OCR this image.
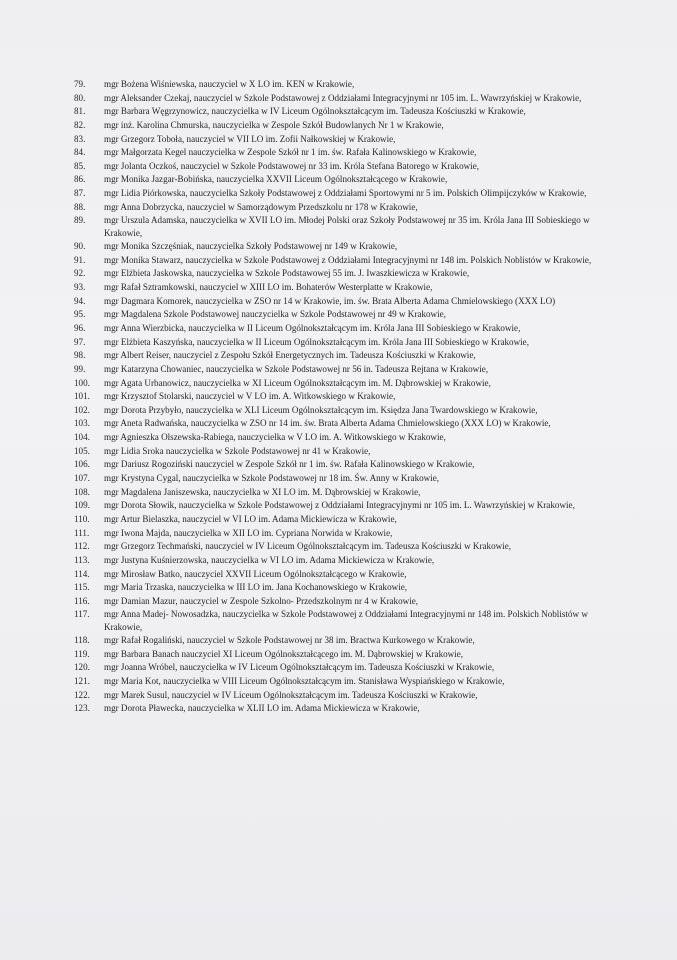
79.	mgr Bożena Wiśniewska, nauczyciel w X LO im. KEN w Krakowie,
80.	mgr Aleksander Czekaj, nauczyciel w Szkole Podstawowej z Oddziałami Integracyjnymi nr 105 im. L. Wawrzyńskiej w Krakowie,
81.	mgr Barbara Węgrzynowicz, nauczycielka w IV Liceum Ogólnokształcącym im. Tadeusza Kościuszki w Krakowie,
82.	mgr inż. Karolina Chmurska, nauczycielka w Zespole Szkół Budowlanych Nr 1 w Krakowie,
83.	mgr Grzegorz Toboła, nauczyciel w VII LO im. Zofii Nałkowskiej w Krakowie,
84.	mgr Małgorzata Kegel nauczycielka w Zespole Szkół nr 1 im. św. Rafała Kalinowskiego w Krakowie,
85.	mgr Jolanta Oczkoś, nauczyciel w Szkole Podstawowej nr 33 im. Króla Stefana Batorego w Krakowie,
86.	mgr Monika Jazgar-Bobińska, nauczycielka XXVII Liceum Ogólnokształcącego w Krakowie,
87.	mgr Lidia Piórkowska, nauczycielka Szkoły Podstawowej z Oddziałami Sportowymi nr 5 im. Polskich Olimpijczyków w Krakowie,
88.	mgr Anna Dobrzycka, nauczyciel w Samorządowym Przedszkolu nr 178 w Krakowie,
89.	mgr Urszula Adamska, nauczycielka w XVII LO im. Młodej Polski oraz Szkoły Podstawowej nr 35 im. Króla Jana III Sobieskiego w Krakowie,
90.	mgr Monika Szczęśniak, nauczycielka Szkoły Podstawowej nr 149 w Krakowie,
91.	mgr Monika Stawarz, nauczycielka w Szkole Podstawowej z Oddziałami Integracyjnymi nr 148 im. Polskich Noblistów w Krakowie,
92.	mgr Elżbieta Jaskowska, nauczycielka w Szkole Podstawowej 55 im. J. Iwaszkiewicza w Krakowie,
93.	mgr Rafał Sztramkowski, nauczyciel w XIII LO im. Bohaterów Westerplatte w Krakowie,
94.	mgr Dagmara Komorek, nauczycielka w ZSO nr 14 w Krakowie, im. św. Brata Alberta Adama Chmielowskiego (XXX LO)
95.	mgr Magdalena Szkole Podstawowej nauczycielka w Szkole Podstawowej nr 49 w Krakowie,
96.	mgr Anna Wierzbicka, nauczycielka w II Liceum Ogólnokształcącym im. Króla Jana III Sobieskiego w Krakowie,
97.	mgr Elżbieta Kaszyńska, nauczycielka w II Liceum Ogólnokształcącym im. Króla Jana III Sobieskiego w Krakowie,
98.	mgr Albert Reiser, nauczyciel z Zespołu Szkół Energetycznych im. Tadeusza Kościuszki w Krakowie,
99.	mgr Katarzyna Chowaniec, nauczycielka w Szkole Podstawowej nr 56 in. Tadeusza Rejtana w Krakowie,
100.	mgr Agata Urbanowicz, nauczycielka w XI Liceum Ogólnokształcącym im. M. Dąbrowskiej w Krakowie,
101.	mgr Krzysztof Stolarski, nauczyciel w V LO im. A. Witkowskiego w Krakowie,
102.	mgr Dorota Przybyło, nauczycielka w XLI Liceum Ogólnokształcącym im. Księdza Jana Twardowskiego w Krakowie,
103.	mgr Aneta Radwańska, nauczycielka w ZSO nr 14 im. św. Brata Alberta Adama Chmielowskiego (XXX LO) w Krakowie,
104.	mgr Agnieszka Olszewska-Rabiega, nauczycielka w V LO im. A. Witkowskiego w Krakowie,
105.	mgr Lidia Sroka nauczycielka w Szkole Podstawowej nr 41 w Krakowie,
106.	mgr Dariusz Rogoziński nauczyciel w Zespole Szkół nr 1 im. św. Rafała Kalinowskiego w Krakowie,
107.	mgr Krystyna Cygal, nauczycielka w Szkole Podstawowej nr 18 im. Św. Anny w Krakowie,
108.	mgr Magdalena Janiszewska, nauczycielka w XI LO im. M. Dąbrowskiej w Krakowie,
109.	mgr Dorota Słowik, nauczycielka w Szkole Podstawowej z Oddziałami Integracyjnymi nr 105 im. L. Wawrzyńskiej w Krakowie,
110.	mgr Artur Bielaszka, nauczyciel w VI LO im. Adama Mickiewicza w Krakowie,
111.	mgr Iwona Majda, nauczycielka w XII LO im. Cypriana Norwida w Krakowie,
112.	mgr Grzegorz Techmański, nauczyciel w IV Liceum Ogólnokształcącym im. Tadeusza Kościuszki w Krakowie,
113.	mgr Justyna Kuśnierzowska, nauczycielka w VI LO im. Adama Mickiewicza w Krakowie,
114.	mgr Mirosław Batko, nauczyciel XXVII Liceum Ogólnokształcącego w Krakowie,
115.	mgr Maria Trzaska, nauczycielka w III LO im. Jana Kochanowskiego w Krakowie,
116.	mgr Damian Mazur, nauczyciel w Zespole Szkolno- Przedszkolnym nr 4 w Krakowie,
117.	mgr Anna Madej- Nowosadzka, nauczycielka w Szkole Podstawowej z Oddziałami Integracyjnymi nr 148 im. Polskich Noblistów w Krakowie,
118.	mgr Rafał Rogaliński, nauczyciel w Szkole Podstawowej nr 38 im. Bractwa Kurkowego w Krakowie,
119.	mgr Barbara Banach nauczyciel XI Liceum Ogólnokształcącego im. M. Dąbrowskiej w Krakowie,
120.	mgr Joanna Wróbel, nauczycielka w IV Liceum Ogólnokształcącym im. Tadeusza Kościuszki w Krakowie,
121.	mgr Maria Kot, nauczycielka w VIII Liceum Ogólnokształcącym im. Stanisława Wyspiańskiego w Krakowie,
122.	mgr Marek Susul, nauczyciel w IV Liceum Ogólnokształcącym im. Tadeusza Kościuszki w Krakowie,
123.	mgr Dorota Pławecka, nauczycielka w XLII LO im. Adama Mickiewicza w Krakowie,
